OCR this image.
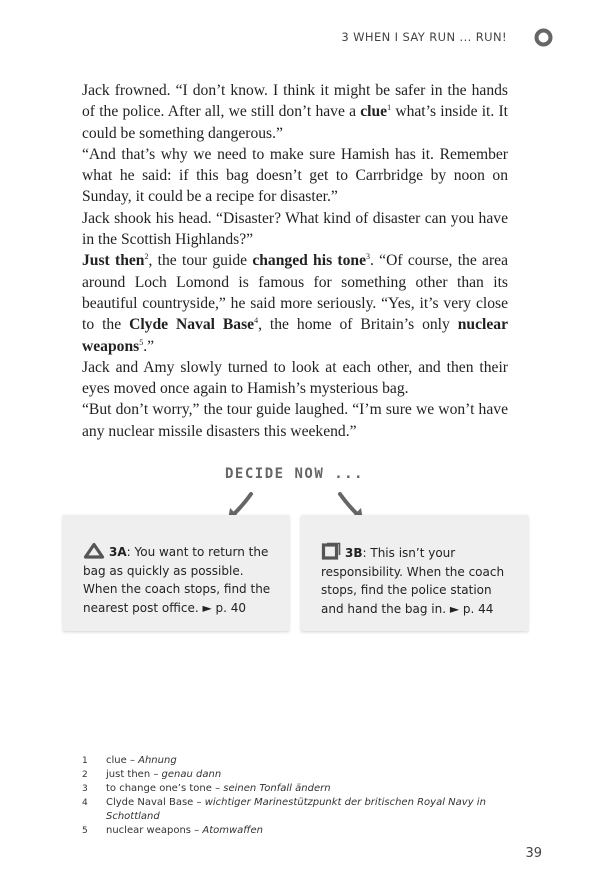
3 WHEN I SAY RUN ... RUN!

Jack frowned. “I don’t know. I think it might be safer in the hands of the police. After all, we still don’t have a clue$^1$ what’s inside it. It could be something dangerous.”

“And that’s why we need to make sure Hamish has it. Remember what he said: if this bag doesn’t get to Carrbridge by noon on Sunday, it could be a recipe for disaster.”

Jack shook his head. “Disaster? What kind of disaster can you have in the Scottish Highlands?”

Just then$^2$, the tour guide changed his tone$^3$. “Of course, the area around Loch Lomond is famous for something other than its beautiful countryside,” he said more seriously. “Yes, it’s very close to the Clyde Naval Base$^4$, the home of Britain’s only nuclear weapons$^5$.”

Jack and Amy slowly turned to look at each other, and then their eyes moved once again to Hamish’s mysterious bag.

“But don’t worry,” the tour guide laughed. “I’m sure we won’t have any nuclear missile disasters this weekend.”

DECIDE NOW ...
3A: You want to return the bag as quickly as possible. When the coach stops, find the nearest post office. ► p. 40
3B: This isn’t your responsibility. When the coach stops, find the police station and hand the bag in. ► p. 44
1 clue – Ahnung
2 just then – genau dann
3 to change one’s tone – seinen Tonfall ändern
4 Clyde Naval Base – wichtiger Marinestützpunkt der britischen Royal Navy in Schottland
5 nuclear weapons – Atomwaffen
39
